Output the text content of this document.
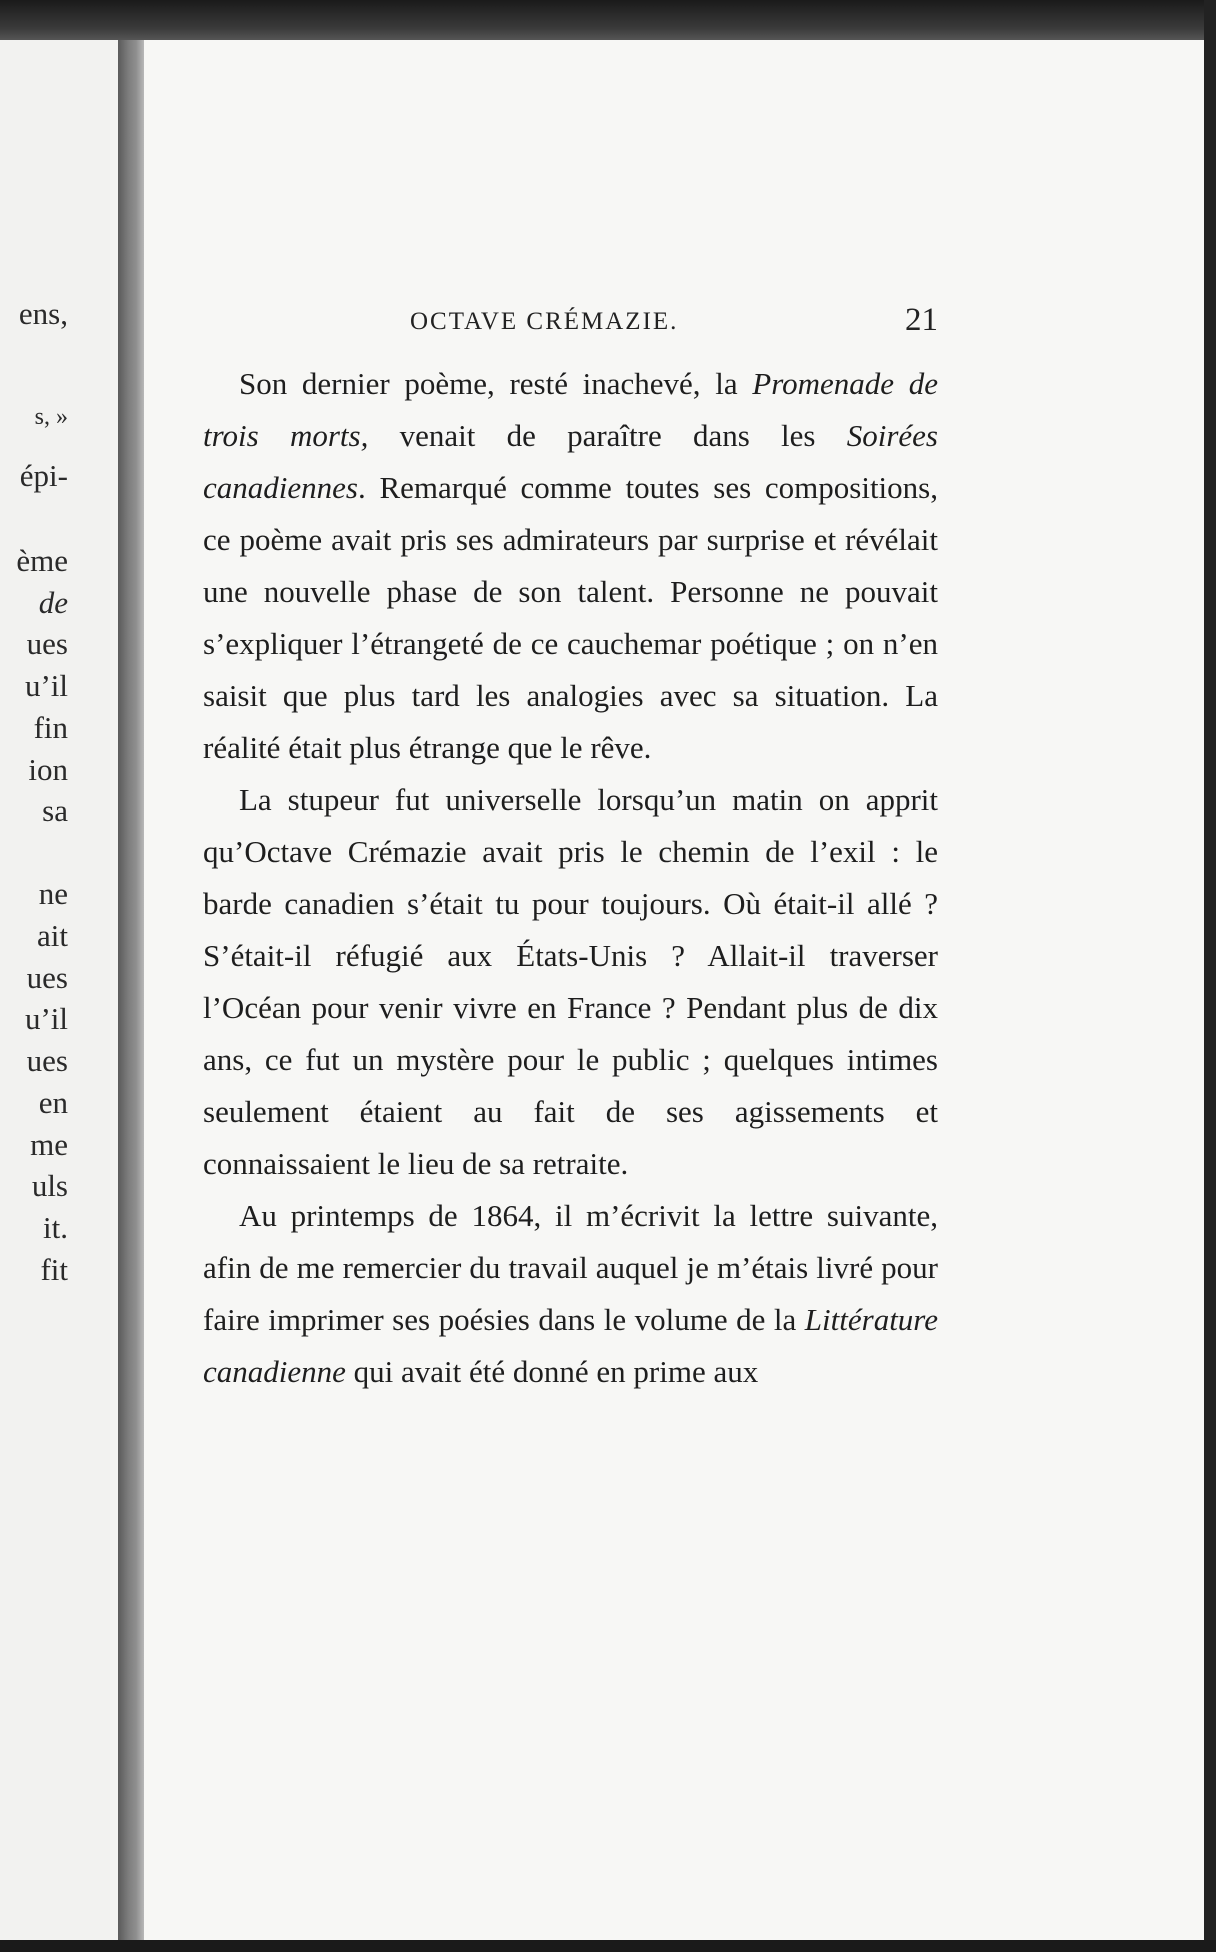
ens,
s, »
épi-
ème
de
ues
u’il
fin
ion
sa
ne
ait
ues
u’il
ues
en
me
uls
it.
fit
OCTAVE CRÉMAZIE.	21

Son dernier poème, resté inachevé, la Promenade de trois morts, venait de paraître dans les Soirées canadiennes. Remarqué comme toutes ses compositions, ce poème avait pris ses admirateurs par surprise et révélait une nouvelle phase de son talent. Personne ne pouvait s’expliquer l’étrangeté de ce cauchemar poétique ; on n’en saisit que plus tard les analogies avec sa situation. La réalité était plus étrange que le rêve.

La stupeur fut universelle lorsqu’un matin on apprit qu’Octave Crémazie avait pris le chemin de l’exil : le barde canadien s’était tu pour toujours. Où était-il allé ? S’était-il réfugié aux États-Unis ? Allait-il traverser l’Océan pour venir vivre en France ? Pendant plus de dix ans, ce fut un mystère pour le public ; quelques intimes seulement étaient au fait de ses agissements et connaissaient le lieu de sa retraite.

Au printemps de 1864, il m’écrivit la lettre suivante, afin de me remercier du travail auquel je m’étais livré pour faire imprimer ses poésies dans le volume de la Littérature canadienne qui avait été donné en prime aux
